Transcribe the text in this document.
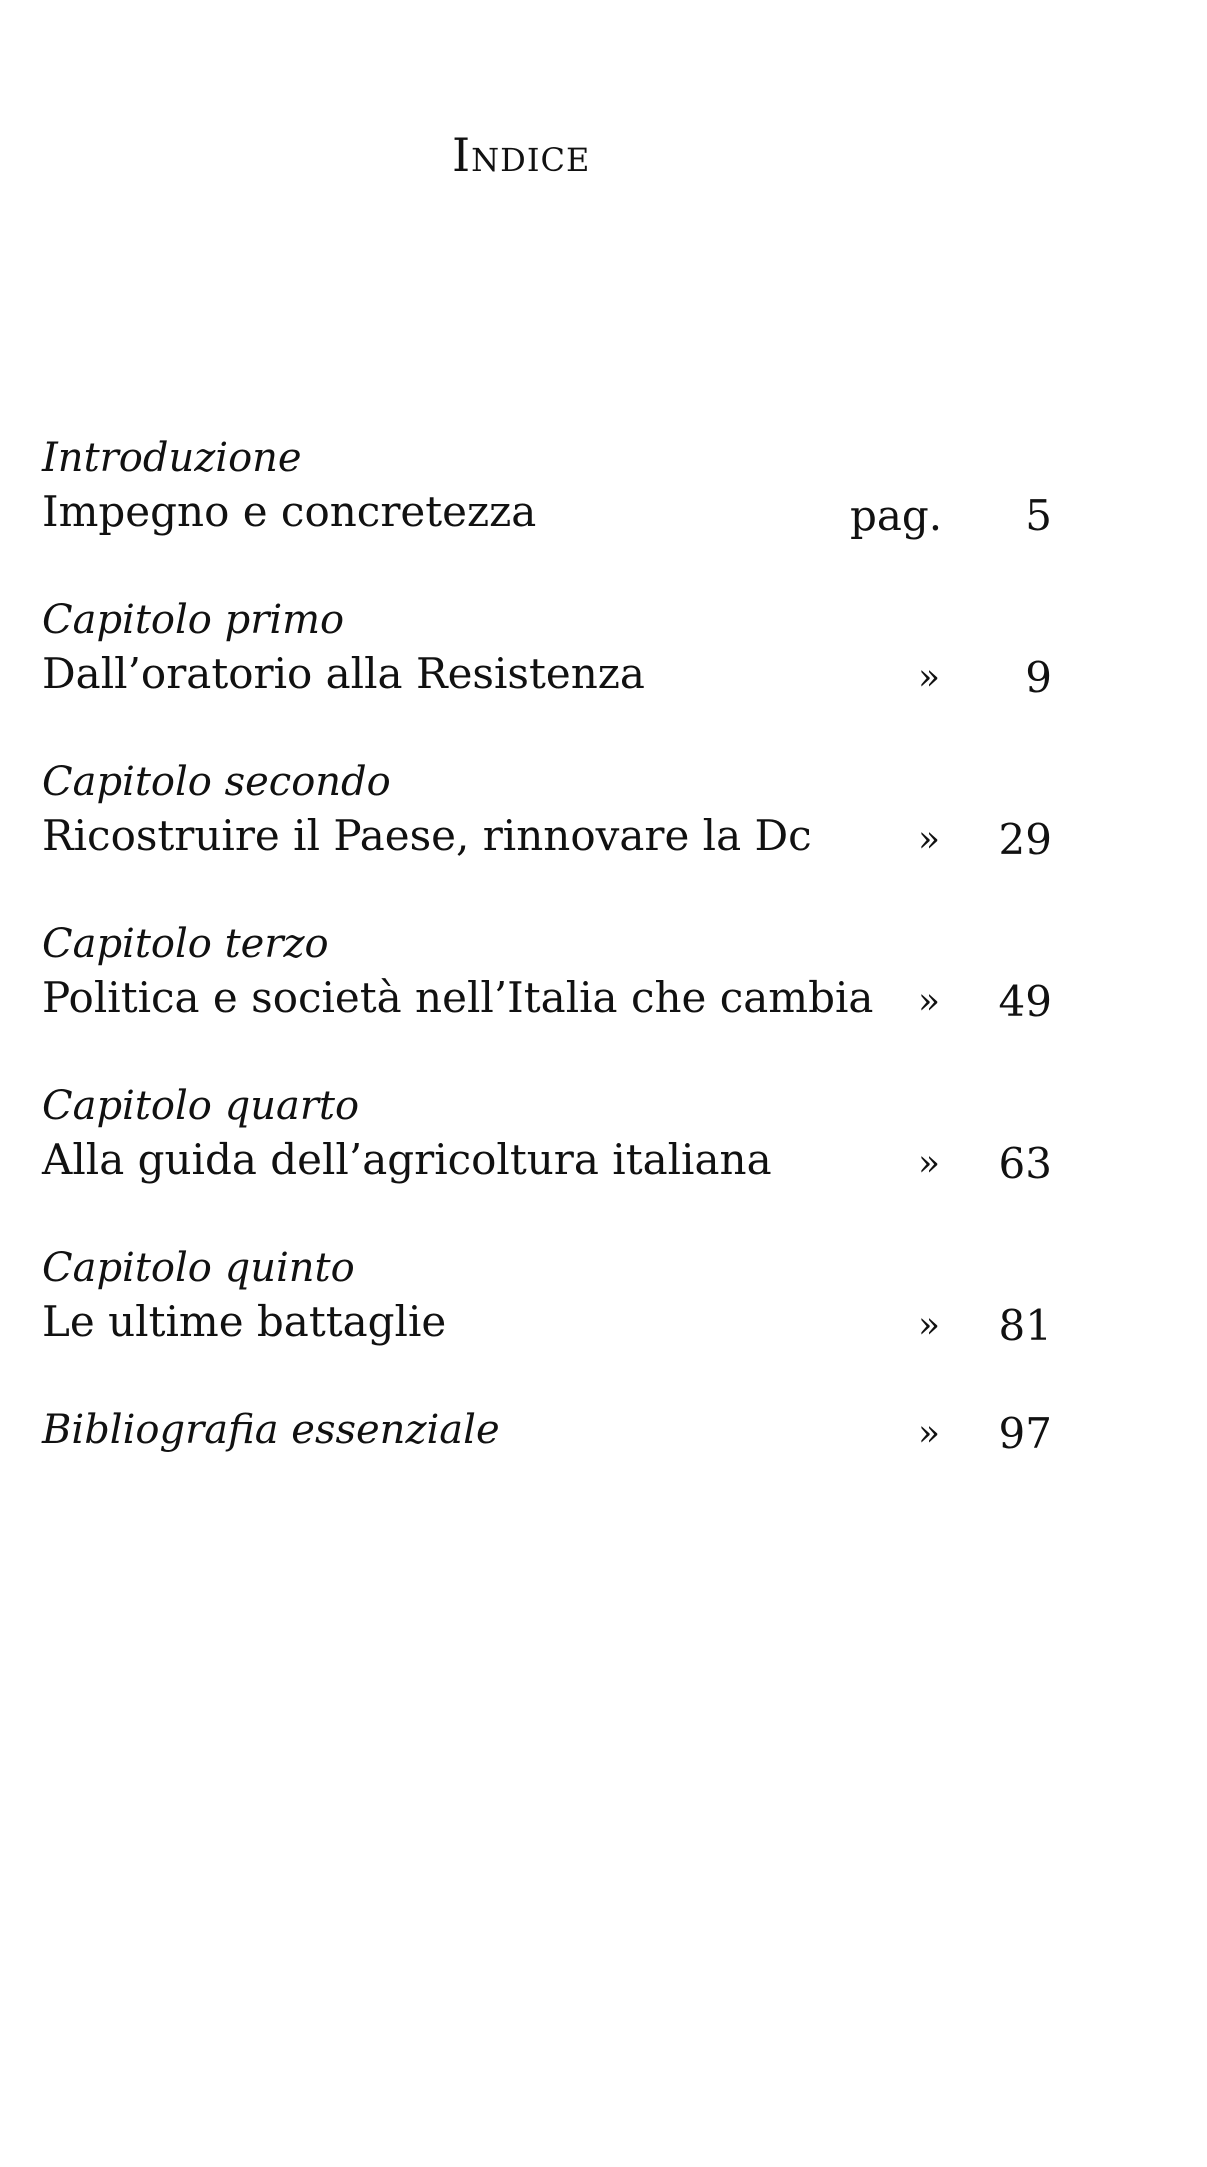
Indice
Introduzione
Impegno e concretezza	pag.	5
Capitolo primo
Dall’oratorio alla Resistenza	»	9
Capitolo secondo
Ricostruire il Paese, rinnovare la Dc	» 29
Capitolo terzo
Politica e società nell’Italia che cambia	» 49
Capitolo quarto
Alla guida dell’agricoltura italiana	» 63
Capitolo quinto
Le ultime battaglie	» 81
Bibliografia essenziale	» 97
